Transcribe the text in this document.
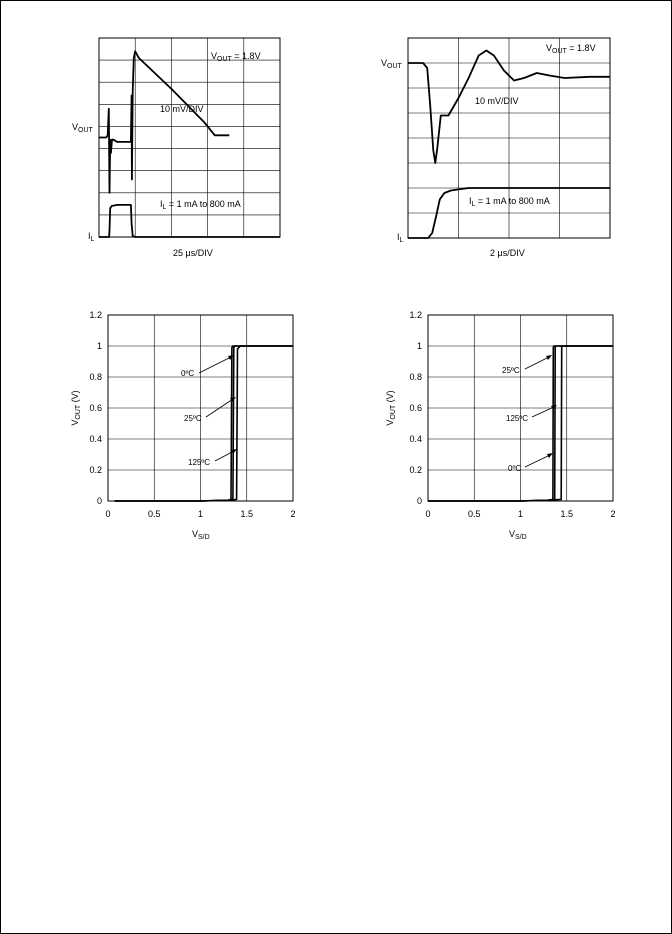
$V_{OUT} = 1.8V$
10 mV/DIV
$I_L = 1$ mA to 800 mA
$V_{OUT}$
$I_L$
25 μs/DIV
$V_{OUT} = 1.8V$
10 mV/DIV
$I_L = 1$ mA to 800 mA
$V_{OUT}$
$I_L$
2 μs/DIV
0	0.5	1	1.5	2
0
0.2
0.4
0.6
0.8
1
1.2
0ºC
25ºC
125ºC
$V_{OUT}$ (V)
$V_{S/D}$
0	0.5	1	1.5	2
0
0.2
0.4
0.6
0.8
1
1.2
25ºC
125ºC
0ºC
$V_{OUT}$ (V)
$V_{S/D}$
